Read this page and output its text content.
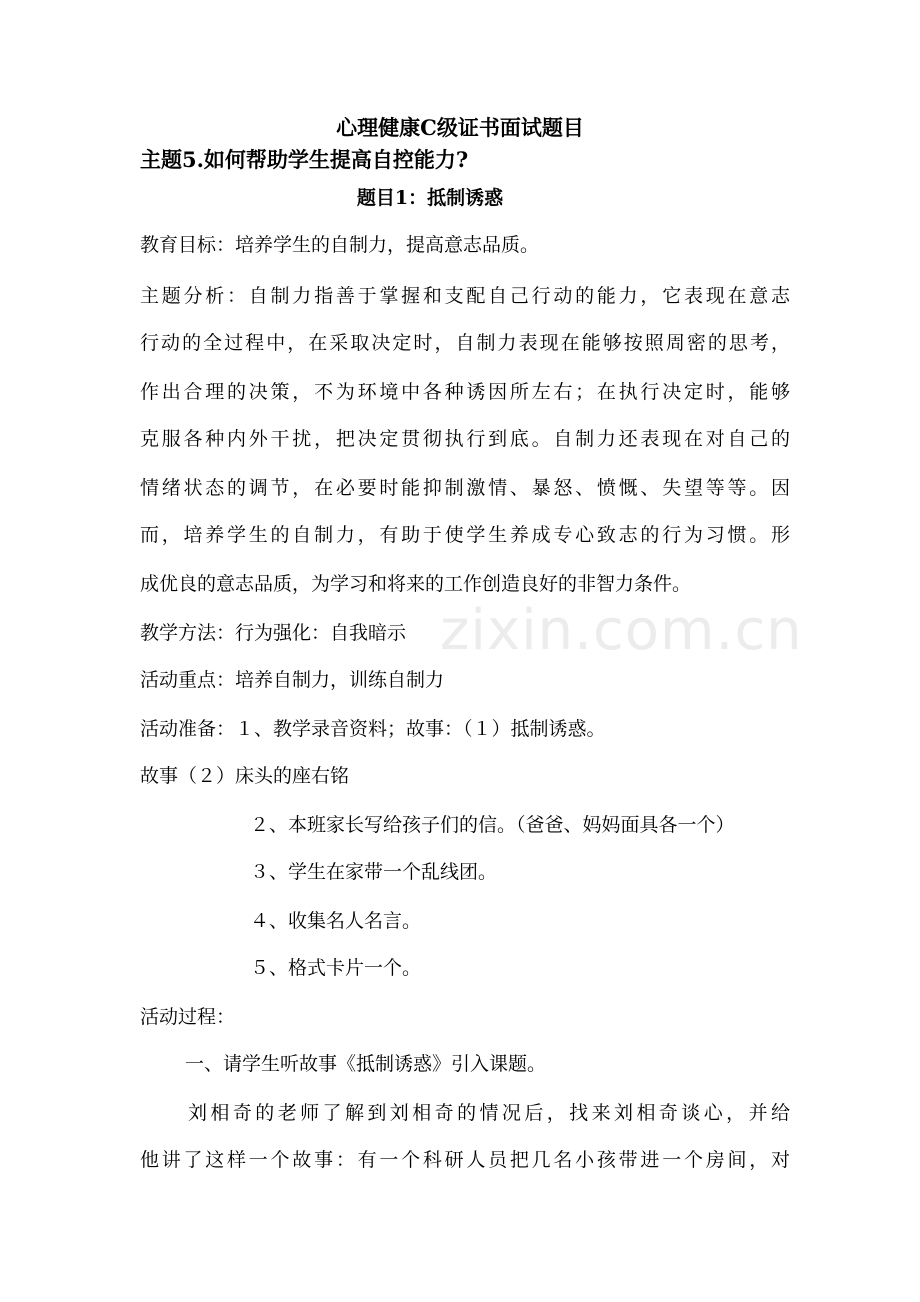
zixin.com.cn
心理健康C级证书面试题目
主题5.如何帮助学生提高自控能力?
题目1：抵制诱惑
教育目标：培养学生的自制力，提高意志品质。
主题分析：自制力指善于掌握和支配自己行动的能力，它表现在意志
行动的全过程中，在采取决定时，自制力表现在能够按照周密的思考，
作出合理的决策，不为环境中各种诱因所左右；在执行决定时，能够
克服各种内外干扰，把决定贯彻执行到底。自制力还表现在对自己的
情绪状态的调节，在必要时能抑制激情、暴怒、愤慨、失望等等。因
而，培养学生的自制力，有助于使学生养成专心致志的行为习惯。形
成优良的意志品质，为学习和将来的工作创造良好的非智力条件。
教学方法：行为强化：自我暗示
活动重点：培养自制力，训练自制力
活动准备：１、教学录音资料；故事：（１）抵制诱惑。
故事（２）床头的座右铭
２、本班家长写给孩子们的信。（爸爸、妈妈面具各一个）
３、学生在家带一个乱线团。
４、收集名人名言。
５、格式卡片一个。
活动过程：
一、请学生听故事《抵制诱惑》引入课题。
刘相奇的老师了解到刘相奇的情况后，找来刘相奇谈心，并给
他讲了这样一个故事：有一个科研人员把几名小孩带进一个房间，对
